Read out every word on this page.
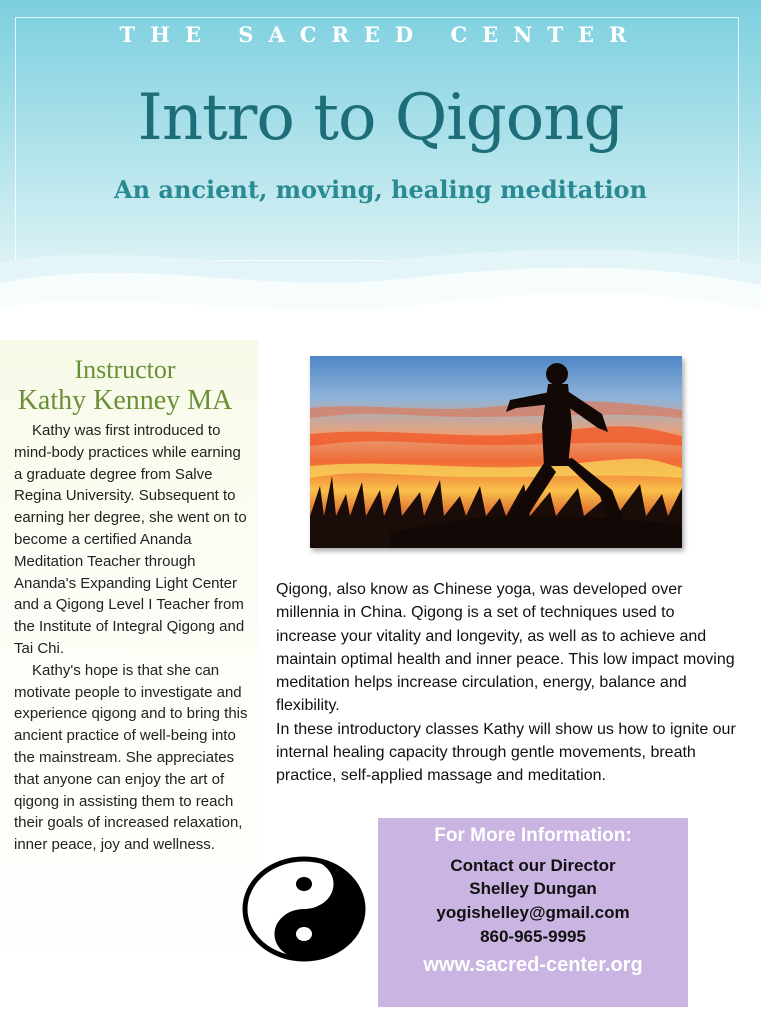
THE SACRED CENTER
Intro to Qigong
An ancient, moving, healing meditation
Instructor
Kathy Kenney MA

Kathy was first introduced to mind-body practices while earning a graduate degree from Salve Regina University. Subsequent to earning her degree, she went on to become a certified Ananda Meditation Teacher through Ananda's Expanding Light Center and a Qigong Level I Teacher from the Institute of Integral Qigong and Tai Chi.

Kathy's hope is that she can motivate people to investigate and experience qigong and to bring this ancient practice of well-being into the mainstream. She appreciates that anyone can enjoy the art of qigong in assisting them to reach their goals of increased relaxation, inner peace, joy and wellness.

Qigong, also know as Chinese yoga, was developed over millennia in China. Qigong is a set of techniques used to increase your vitality and longevity, as well as to achieve and maintain optimal health and inner peace. This low impact moving meditation helps increase circulation, energy, balance and flexibility.

In these introductory classes Kathy will show us how to ignite our internal healing capacity through gentle movements, breath practice, self-applied massage and meditation.

For More Information:
Contact our Director
Shelley Dungan
yogishelley@gmail.com
860-965-9995
www.sacred-center.org
